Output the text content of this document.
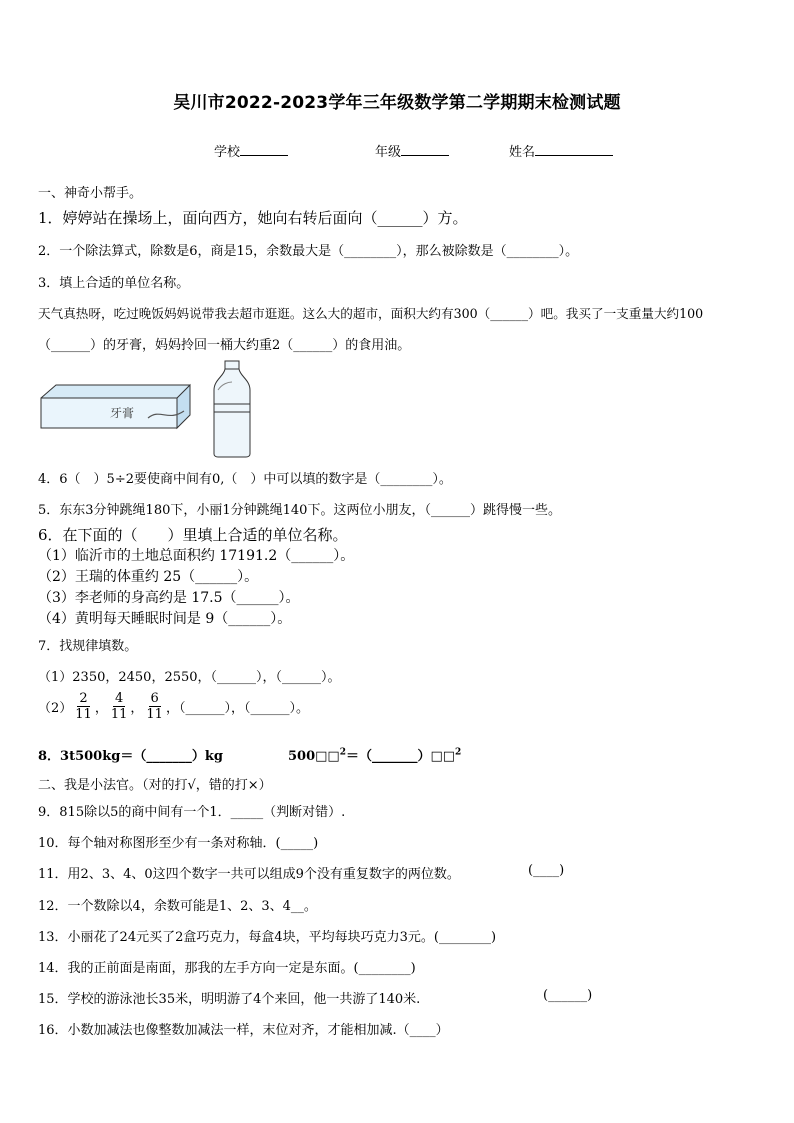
吴川市2022-2023学年三年级数学第二学期期末检测试题
学校	年级	姓名
一、神奇小帮手。
1．婷婷站在操场上，面向西方，她向右转后面向（______）方。
2．一个除法算式，除数是6，商是15，余数最大是（________），那么被除数是（________）。
3．填上合适的单位名称。
天气真热呀，吃过晚饭妈妈说带我去超市逛逛。这么大的超市，面积大约有300（______）吧。我买了一支重量大约100
（______）的牙膏，妈妈拎回一桶大约重2（______）的食用油。
牙膏
4．6（　）5÷2要使商中间有0,（　）中可以填的数字是（________）。
5．东东3分钟跳绳180下，小丽1分钟跳绳140下。这两位小朋友，（______）跳得慢一些。
6．在下面的（　　）里填上合适的单位名称。
（1）临沂市的土地总面积约 17191.2（______）。
（2）王瑞的体重约 25（______）。
（3）李老师的身高约是 17.5（______）。
（4）黄明每天睡眠时间是 9（______）。
7．找规律填数。
（1）2350，2450，2550，（______），（______）。
$(2) \frac{2}{11}$ ， $\frac{4}{11}$ ， $\frac{6}{11}$ ，（______），（______）。
8．3t500kg＝（_______）kg	500□□$^2$＝（_______）□□$^2$
二、我是小法官。（对的打√，错的打×）
9．815除以5的商中间有一个1．_____（判断对错）.
10．每个轴对称图形至少有一条对称轴．(_____)
11．用2、3、4、0这四个数字一共可以组成9个没有重复数字的两位数。	(____)
12．一个数除以4，余数可能是1、2、3、4__。
13．小丽花了24元买了2盒巧克力，每盒4块，平均每块巧克力3元。(________)
14．我的正前面是南面，那我的左手方向一定是东面。(________)
15．学校的游泳池长35米，明明游了4个来回，他一共游了140米.	(______)
16．小数加减法也像整数加减法一样，末位对齐，才能相加减.（____）
